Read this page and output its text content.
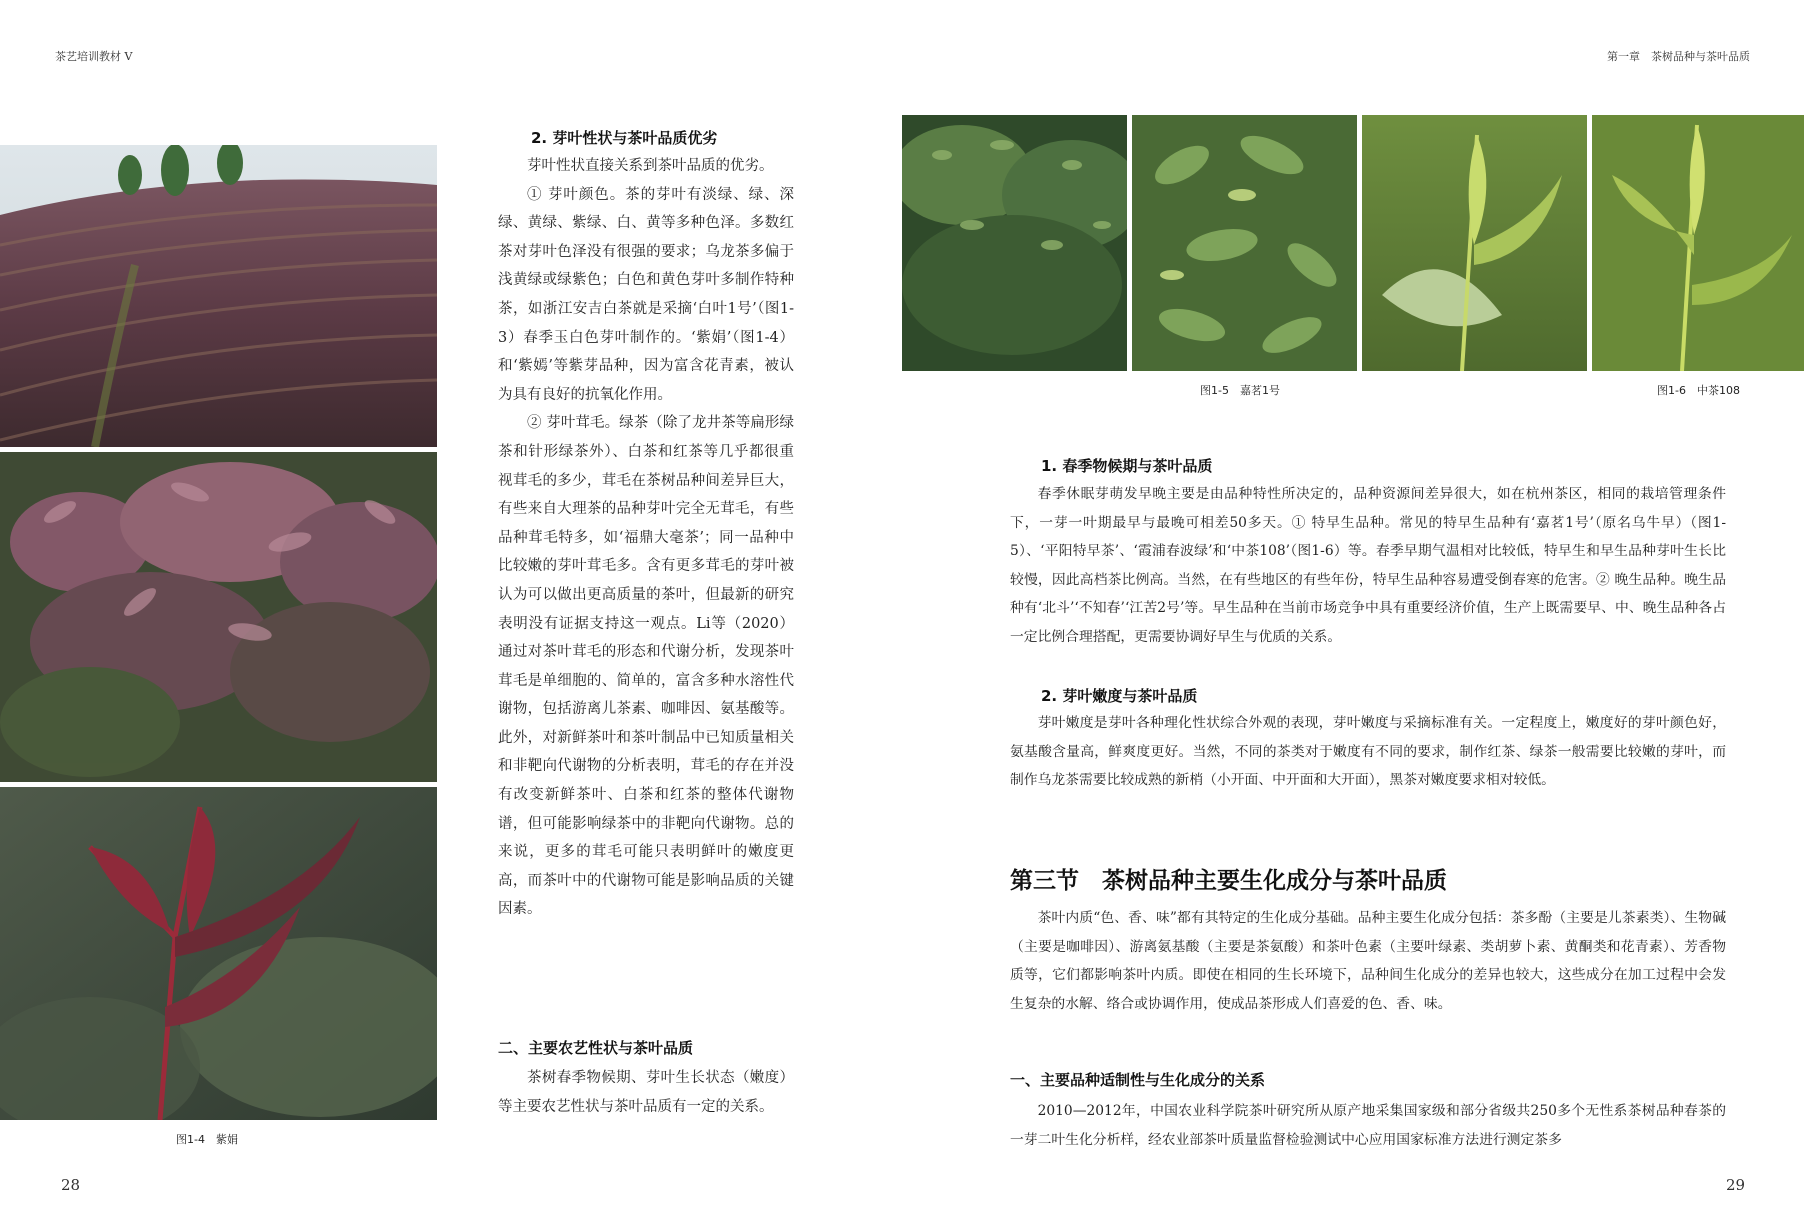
茶艺培训教材 V	第一章　茶树品种与茶叶品质
图1-4　紫娟
2. 芽叶性状与茶叶品质优劣

芽叶性状直接关系到茶叶品质的优劣。

① 芽叶颜色。茶的芽叶有淡绿、绿、深绿、黄绿、紫绿、白、黄等多种色泽。多数红茶对芽叶色泽没有很强的要求；乌龙茶多偏于浅黄绿或绿紫色；白色和黄色芽叶多制作特种茶，如浙江安吉白茶就是采摘‘白叶1号’（图1-3）春季玉白色芽叶制作的。‘紫娟’（图1-4）和‘紫嫣’等紫芽品种，因为富含花青素，被认为具有良好的抗氧化作用。

② 芽叶茸毛。绿茶（除了龙井茶等扁形绿茶和针形绿茶外）、白茶和红茶等几乎都很重视茸毛的多少，茸毛在茶树品种间差异巨大，有些来自大理茶的品种芽叶完全无茸毛，有些品种茸毛特多，如‘福鼎大毫茶’；同一品种中比较嫩的芽叶茸毛多。含有更多茸毛的芽叶被认为可以做出更高质量的茶叶，但最新的研究表明没有证据支持这一观点。Li等（2020）通过对茶叶茸毛的形态和代谢分析，发现茶叶茸毛是单细胞的、简单的，富含多种水溶性代谢物，包括游离儿茶素、咖啡因、氨基酸等。此外，对新鲜茶叶和茶叶制品中已知质量相关和非靶向代谢物的分析表明，茸毛的存在并没有改变新鲜茶叶、白茶和红茶的整体代谢物谱，但可能影响绿茶中的非靶向代谢物。总的来说，更多的茸毛可能只表明鲜叶的嫩度更高，而茶叶中的代谢物可能是影响品质的关键因素。

二、主要农艺性状与茶叶品质

茶树春季物候期、芽叶生长状态（嫩度）等主要农艺性状与茶叶品质有一定的关系。

28
图1-5　嘉茗1号	图1-6　中茶108
1. 春季物候期与茶叶品质

春季休眠芽萌发早晚主要是由品种特性所决定的，品种资源间差异很大，如在杭州茶区，相同的栽培管理条件下，一芽一叶期最早与最晚可相差50多天。① 特早生品种。常见的特早生品种有‘嘉茗1号’（原名乌牛早）（图1-5）、‘平阳特早茶’、‘霞浦春波绿’和‘中茶108’（图1-6）等。春季早期气温相对比较低，特早生和早生品种芽叶生长比较慢，因此高档茶比例高。当然，在有些地区的有些年份，特早生品种容易遭受倒春寒的危害。② 晚生品种。晚生品种有‘北斗’‘不知春’‘江苦2号’等。早生品种在当前市场竞争中具有重要经济价值，生产上既需要早、中、晚生品种各占一定比例合理搭配，更需要协调好早生与优质的关系。

2. 芽叶嫩度与茶叶品质

芽叶嫩度是芽叶各种理化性状综合外观的表现，芽叶嫩度与采摘标准有关。一定程度上，嫩度好的芽叶颜色好，氨基酸含量高，鲜爽度更好。当然，不同的茶类对于嫩度有不同的要求，制作红茶、绿茶一般需要比较嫩的芽叶，而制作乌龙茶需要比较成熟的新梢（小开面、中开面和大开面），黑茶对嫩度要求相对较低。

第三节　茶树品种主要生化成分与茶叶品质

茶叶内质“色、香、味”都有其特定的生化成分基础。品种主要生化成分包括：茶多酚（主要是儿茶素类）、生物碱（主要是咖啡因）、游离氨基酸（主要是茶氨酸）和茶叶色素（主要叶绿素、类胡萝卜素、黄酮类和花青素）、芳香物质等，它们都影响茶叶内质。即使在相同的生长环境下，品种间生化成分的差异也较大，这些成分在加工过程中会发生复杂的水解、络合或协调作用，使成品茶形成人们喜爱的色、香、味。

一、主要品种适制性与生化成分的关系

2010—2012年，中国农业科学院茶叶研究所从原产地采集国家级和部分省级共250多个无性系茶树品种春茶的一芽二叶生化分析样，经农业部茶叶质量监督检验测试中心应用国家标准方法进行测定茶多

29
